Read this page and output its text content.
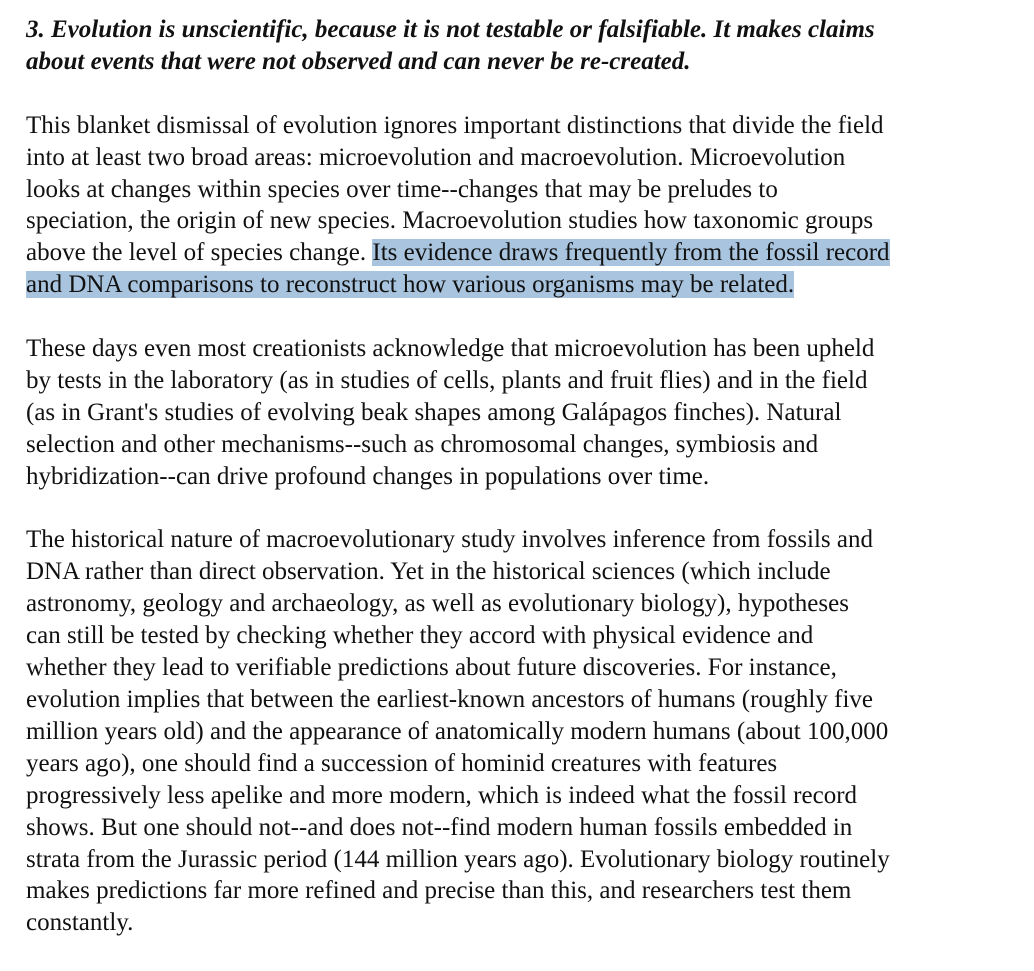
3. Evolution is unscientific, because it is not testable or falsifiable. It makes claims
about events that were not observed and can never be re-created.
This blanket dismissal of evolution ignores important distinctions that divide the field
into at least two broad areas: microevolution and macroevolution. Microevolution
looks at changes within species over time--changes that may be preludes to
speciation, the origin of new species. Macroevolution studies how taxonomic groups
above the level of species change. Its evidence draws frequently from the fossil record
and DNA comparisons to reconstruct how various organisms may be related.
These days even most creationists acknowledge that microevolution has been upheld
by tests in the laboratory (as in studies of cells, plants and fruit flies) and in the field
(as in Grant's studies of evolving beak shapes among Galápagos finches). Natural
selection and other mechanisms--such as chromosomal changes, symbiosis and
hybridization--can drive profound changes in populations over time.
The historical nature of macroevolutionary study involves inference from fossils and
DNA rather than direct observation. Yet in the historical sciences (which include
astronomy, geology and archaeology, as well as evolutionary biology), hypotheses
can still be tested by checking whether they accord with physical evidence and
whether they lead to verifiable predictions about future discoveries. For instance,
evolution implies that between the earliest-known ancestors of humans (roughly five
million years old) and the appearance of anatomically modern humans (about 100,000
years ago), one should find a succession of hominid creatures with features
progressively less apelike and more modern, which is indeed what the fossil record
shows. But one should not--and does not--find modern human fossils embedded in
strata from the Jurassic period (144 million years ago). Evolutionary biology routinely
makes predictions far more refined and precise than this, and researchers test them
constantly.
